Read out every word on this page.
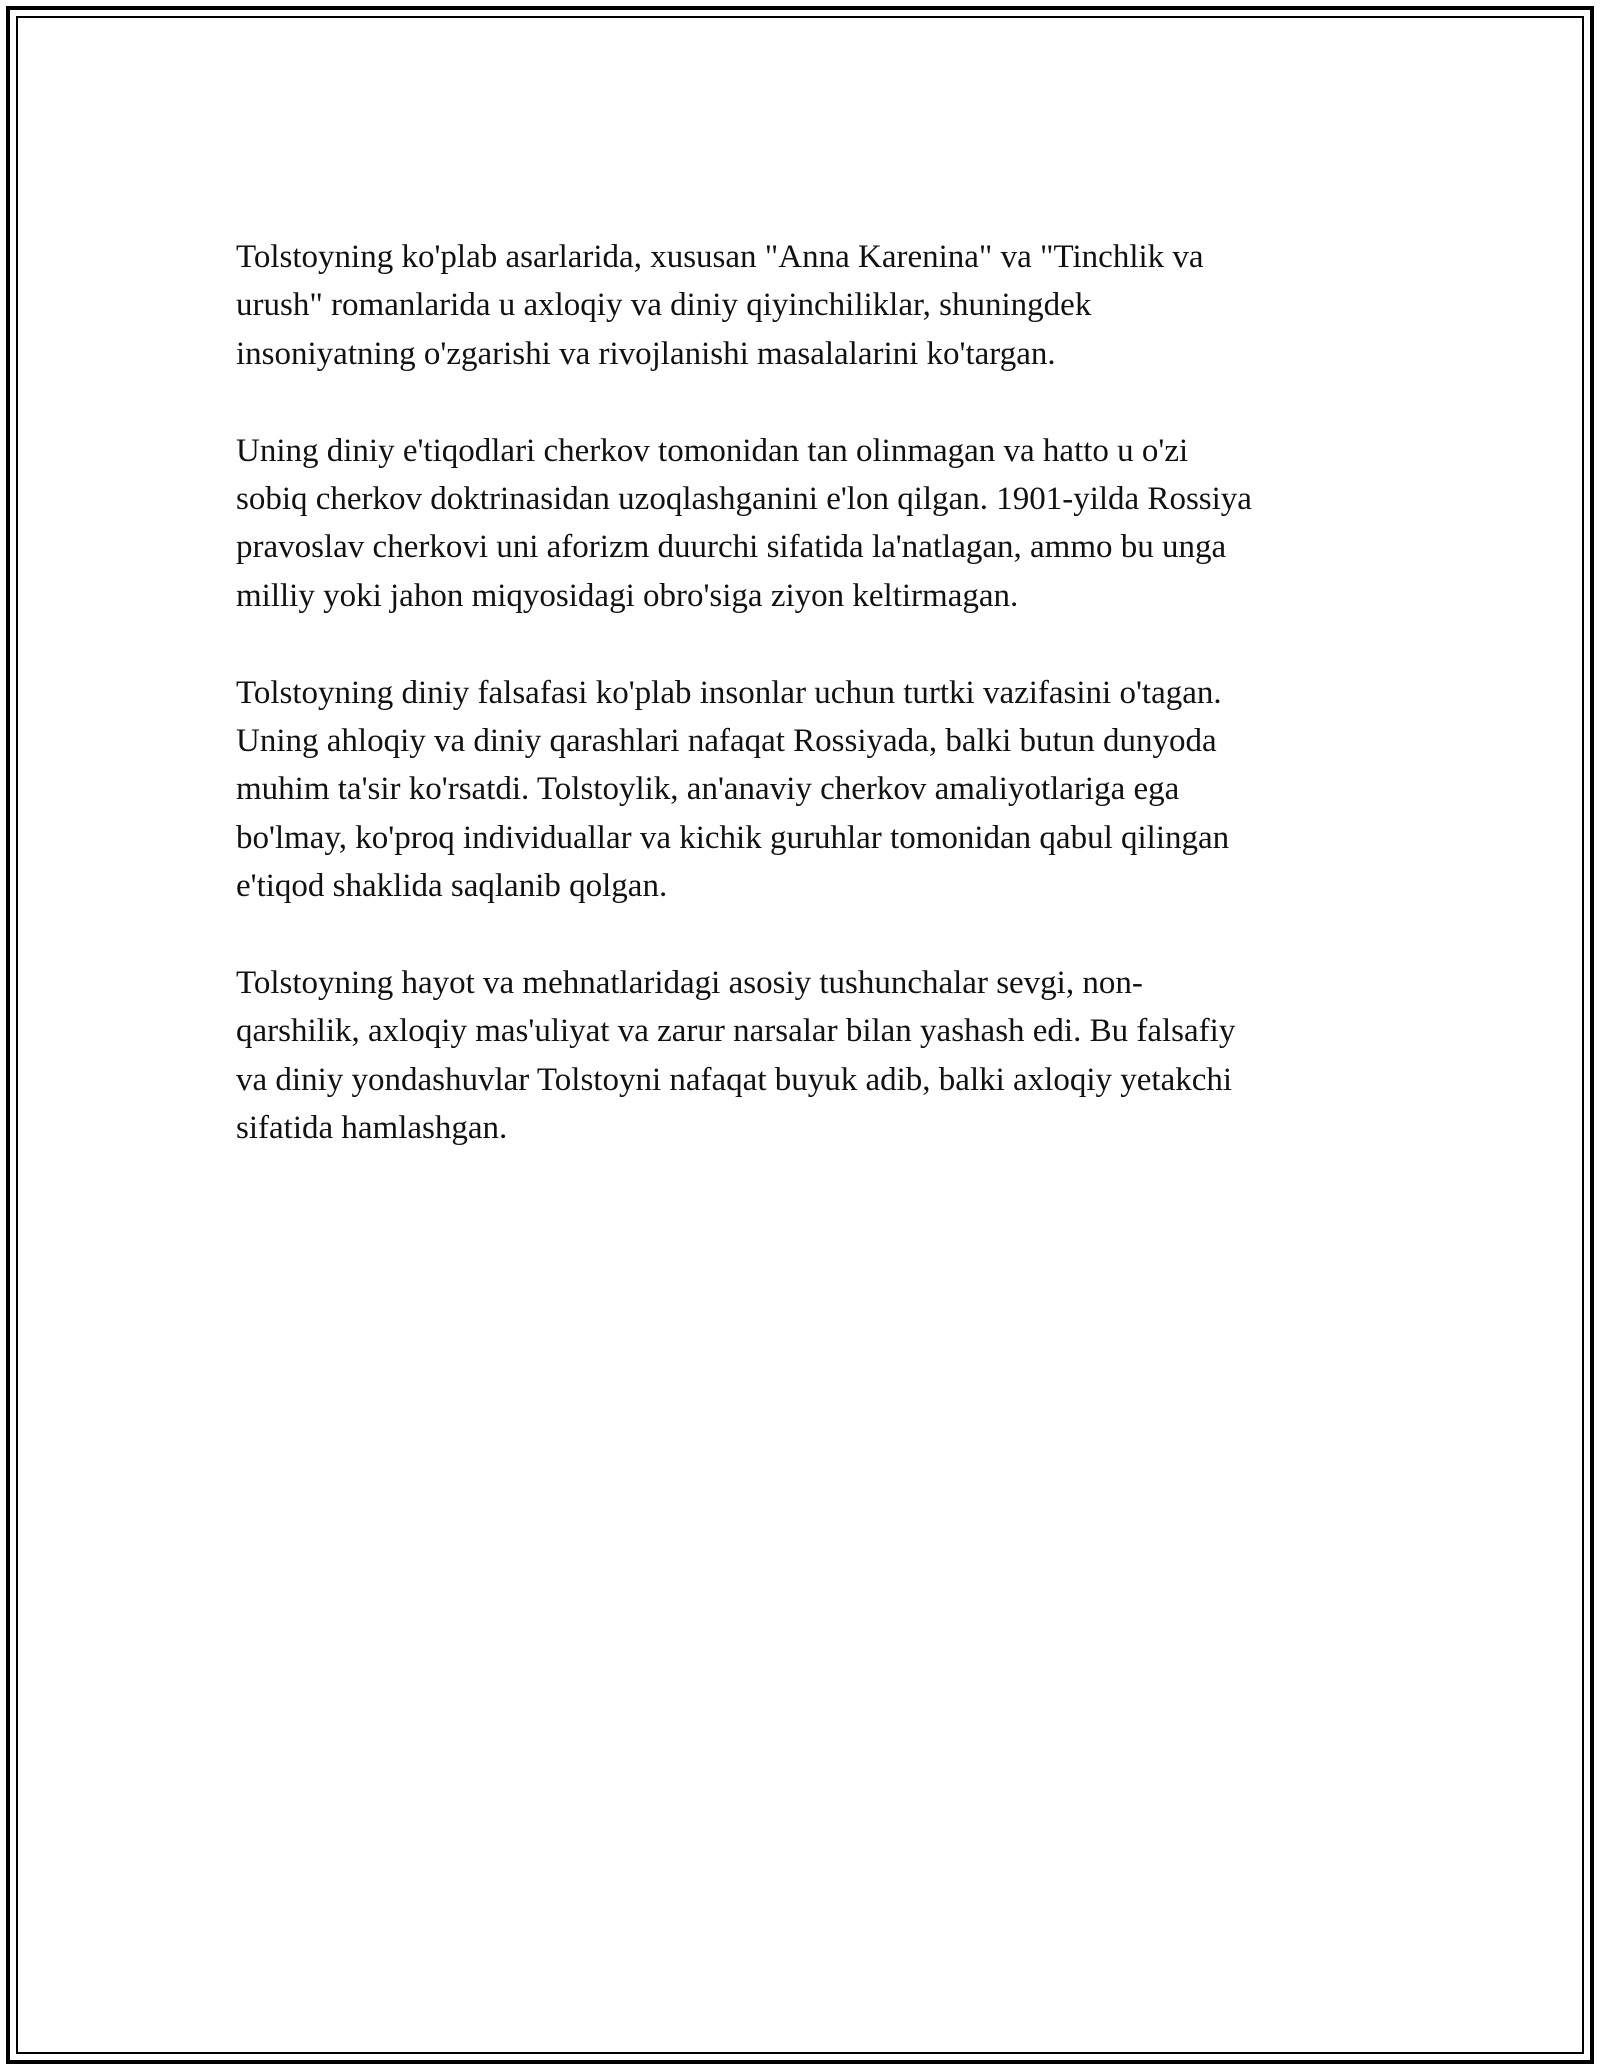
Tolstoyning ko'plab asarlarida, xususan "Anna Karenina" va "Tinchlik va
urush" romanlarida u axloqiy va diniy qiyinchiliklar, shuningdek
insoniyatning o'zgarishi va rivojlanishi masalalarini ko'targan.

Uning diniy e'tiqodlari cherkov tomonidan tan olinmagan va hatto u o'zi
sobiq cherkov doktrinasidan uzoqlashganini e'lon qilgan. 1901-yilda Rossiya
pravoslav cherkovi uni aforizm duurchi sifatida la'natlagan, ammo bu unga
milliy yoki jahon miqyosidagi obro'siga ziyon keltirmagan.

Tolstoyning diniy falsafasi ko'plab insonlar uchun turtki vazifasini o'tagan.
Uning ahloqiy va diniy qarashlari nafaqat Rossiyada, balki butun dunyoda
muhim ta'sir ko'rsatdi. Tolstoylik, an'anaviy cherkov amaliyotlariga ega
bo'lmay, ko'proq individuallar va kichik guruhlar tomonidan qabul qilingan
e'tiqod shaklida saqlanib qolgan.

Tolstoyning hayot va mehnatlaridagi asosiy tushunchalar sevgi, non-
qarshilik, axloqiy mas'uliyat va zarur narsalar bilan yashash edi. Bu falsafiy
va diniy yondashuvlar Tolstoyni nafaqat buyuk adib, balki axloqiy yetakchi
sifatida hamlashgan.
